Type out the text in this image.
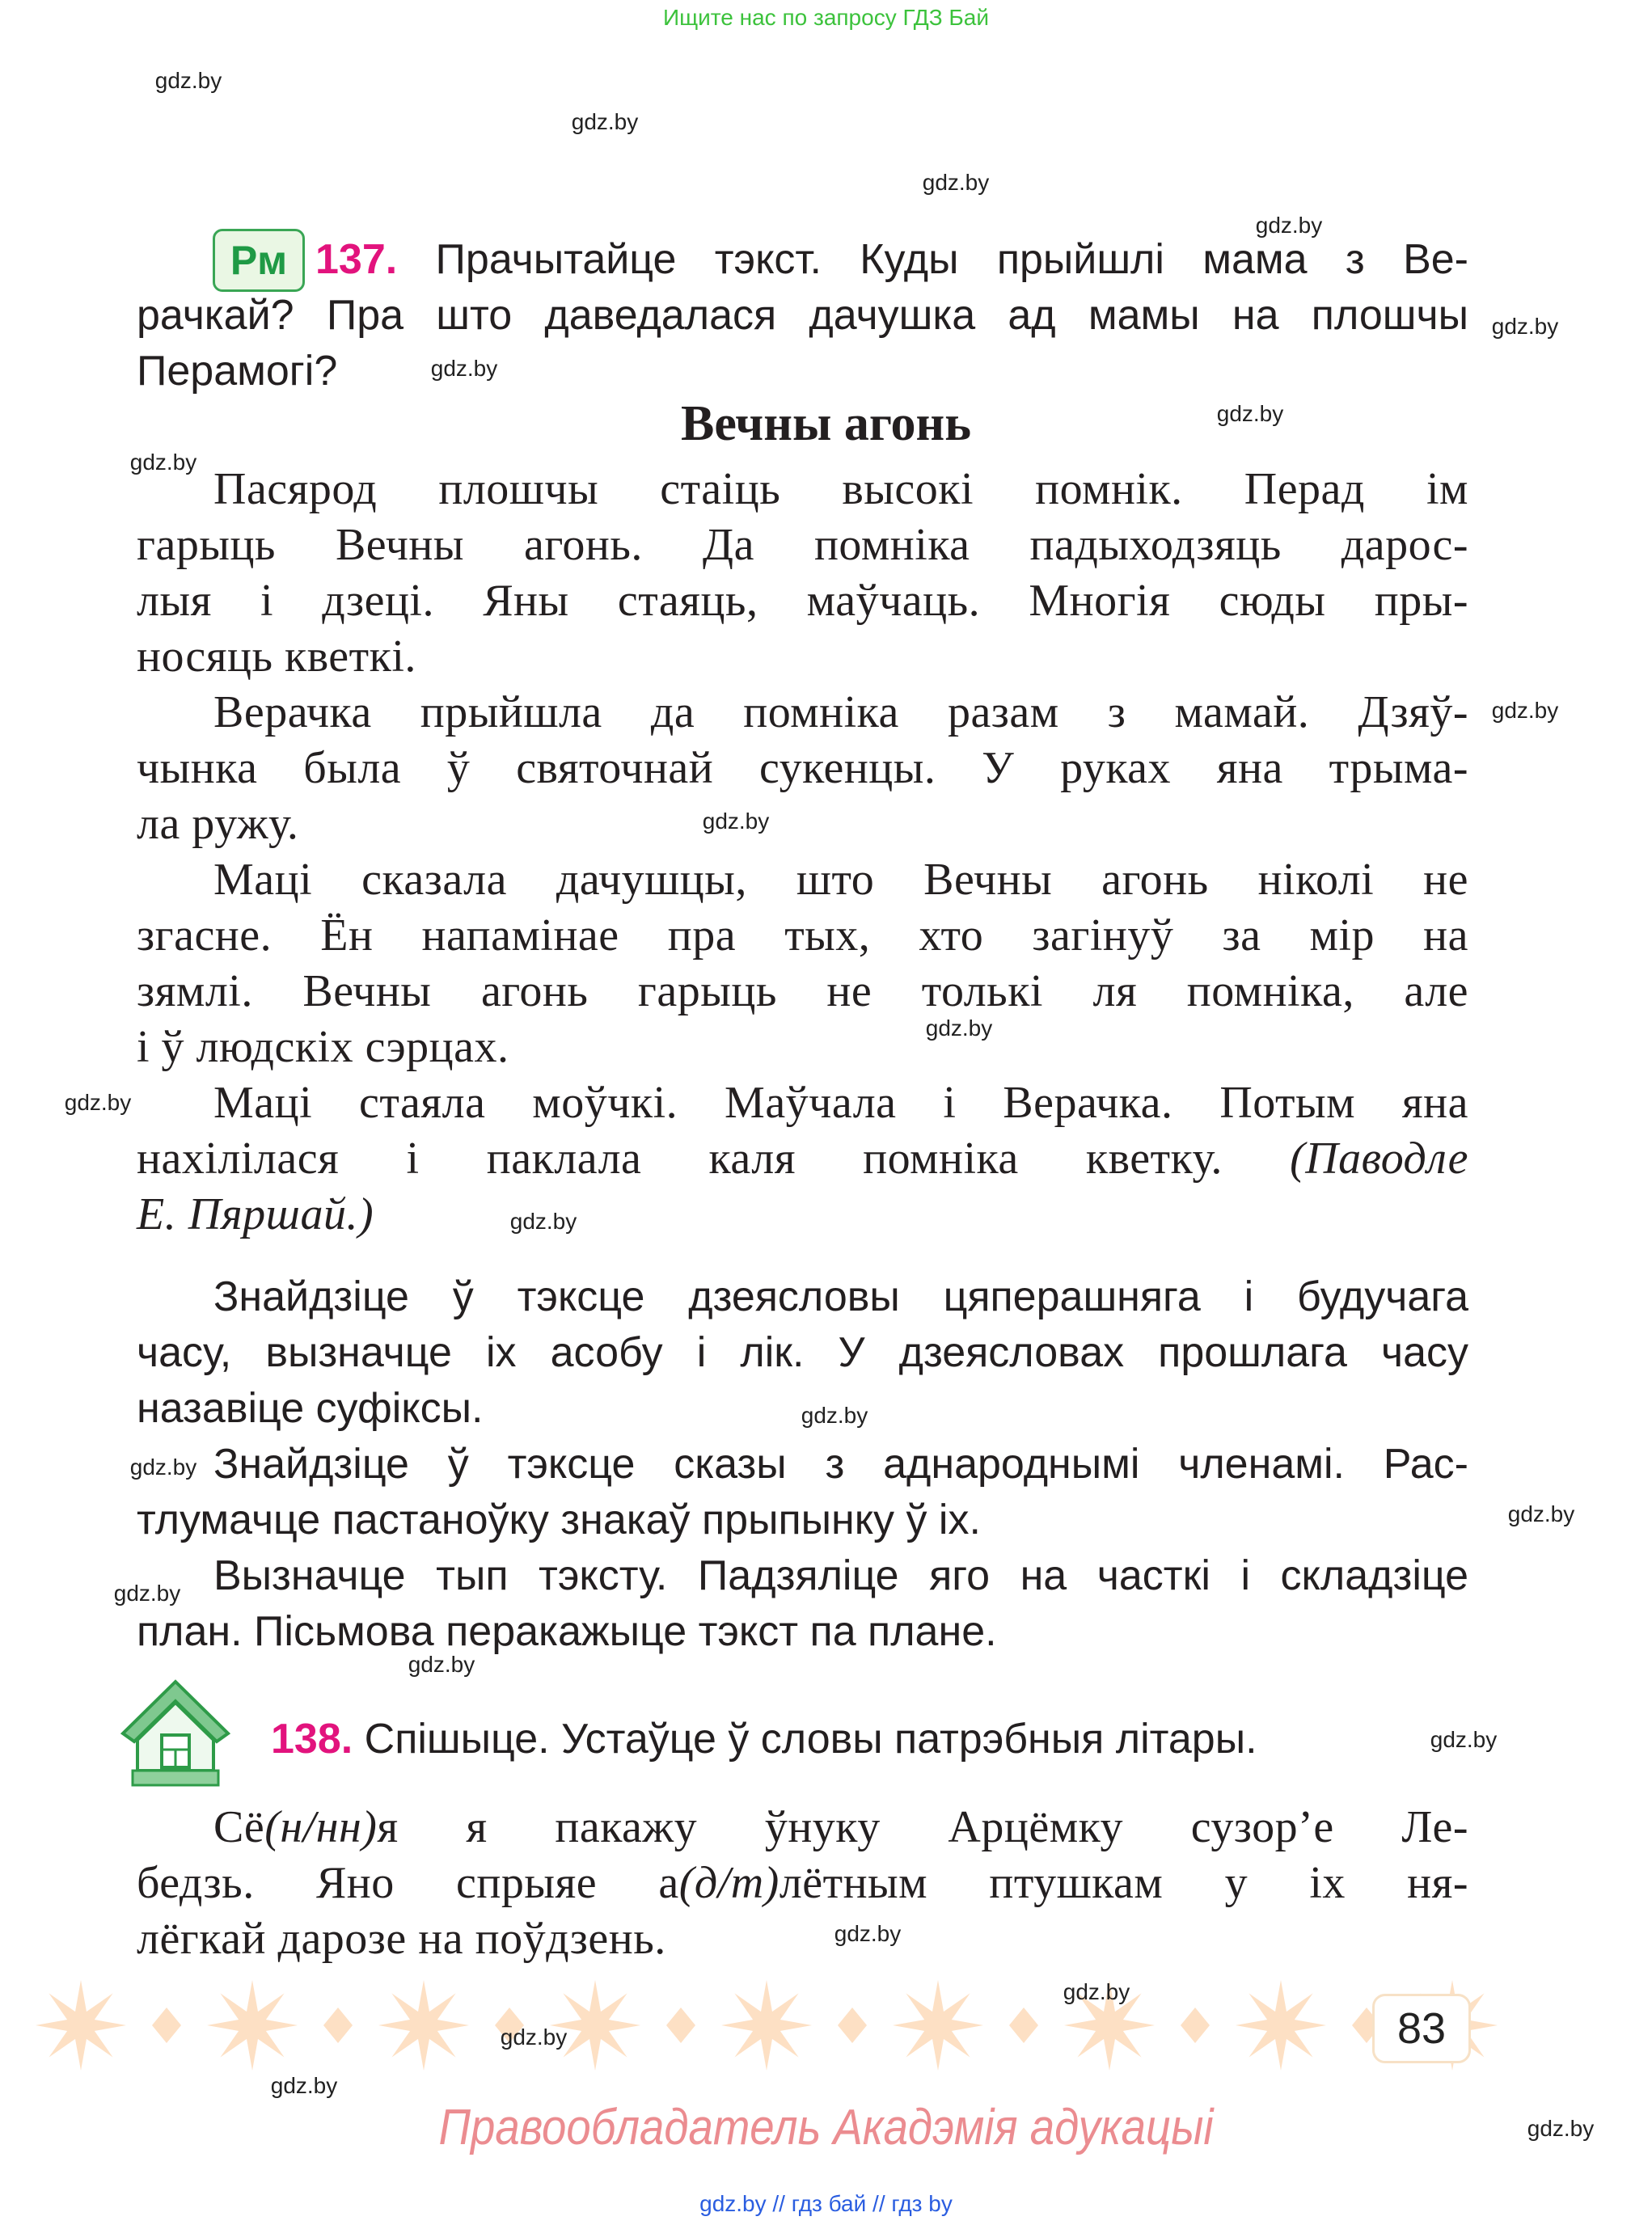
Ищите нас по запросу ГДЗ Бай
Рм 137. Прачытайце тэкст. Куды прыйшлі мама з Ве-
рачкай? Пра што даведалася дачушка ад мамы на плошчы
Перамогі?
Вечны агонь
Пасярод плошчы стаіць высокі помнік. Перад ім
гарыць Вечны агонь. Да помніка падыходзяць дарос-
лыя і дзеці. Яны стаяць, маўчаць. Многія сюды пры-
носяць кветкі.
Верачка прыйшла да помніка разам з мамай. Дзяў-
чынка была ў святочнай сукенцы. У руках яна трыма-
ла ружу.
Маці сказала дачушцы, што Вечны агонь ніколі не
згасне. Ён напамінае пра тых, хто загінуў за мір на
зямлі. Вечны агонь гарыць не толькі ля помніка, але
і ў людскіх сэрцах.
Маці стаяла моўчкі. Маўчала і Верачка. Потым яна
нахілілася і паклала каля помніка кветку. (Паводле
Е. Пяршай.)
Знайдзіце ў тэксце дзеясловы цяперашняга і будучага
часу, вызначце іх асобу і лік. У дзеясловах прошлага часу
назавіце суфіксы.
Знайдзіце ў тэксце сказы з аднароднымі членамі. Рас-
тлумачце пастаноўку знакаў прыпынку ў іх.
Вызначце тып тэксту. Падзяліце яго на часткі і складзіце
план. Пісьмова перакажыце тэкст па плане.
138. Спішыце. Устаўце ў словы патрэбныя літары.
Сё(н/нн)я я пакажу ўнуку Арцёмку сузор’е Ле-
бедзь. Яно спрыяе а(д/т)лётным птушкам у іх ня-
лёгкай дарозе на поўдзень.
83
Правообладатель Акадэмія адукацыі
gdz.by // гдз бай // гдз by
gdz.by
gdz.by
gdz.by
gdz.by
gdz.by
gdz.by
gdz.by
gdz.by
gdz.by
gdz.by
gdz.by
gdz.by
gdz.by
gdz.by
gdz.by
gdz.by
gdz.by
gdz.by
gdz.by
gdz.by
gdz.by
gdz.by
gdz.by
gdz.by
